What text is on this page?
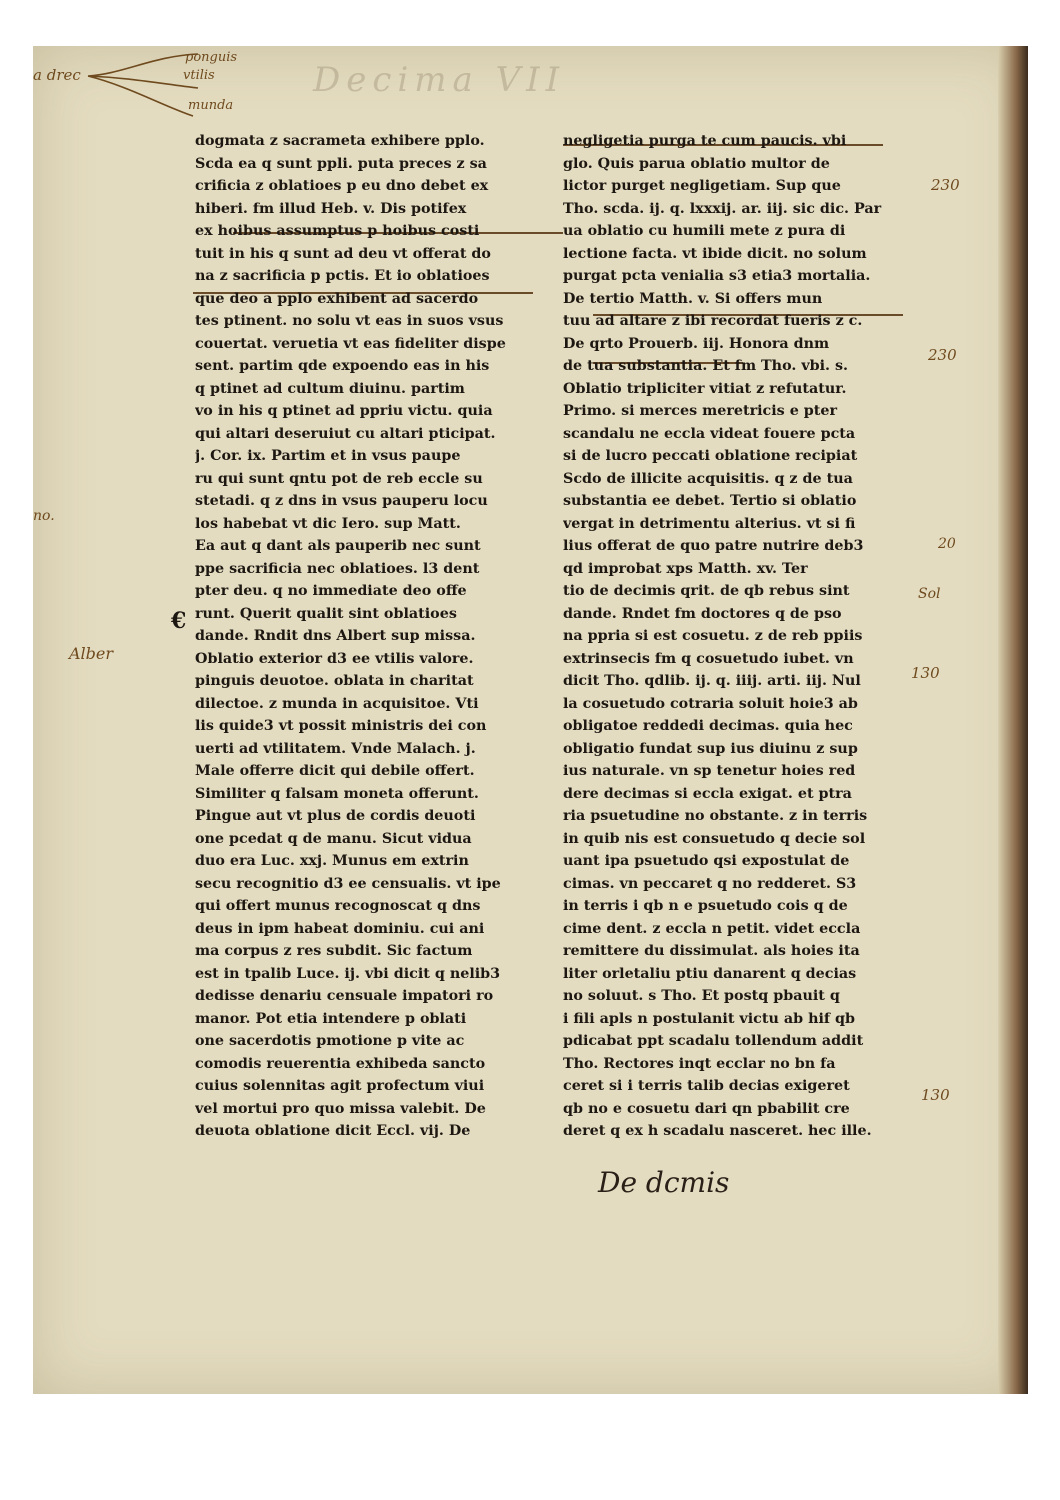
Decima VII
a drec
ponguis
vtilis
munda
no.
Alber
€
230
230
20
Sol
130
130
dogmata z sacrameta exhibere pplo.
Scda ea q sunt ppli. puta preces z sa
crificia z oblatioes p eu dno debet ex
hiberi. fm illud Heb. v. Dis potifex
ex hoibus assumptus p hoibus costi
tuit in his q sunt ad deu vt offerat do
na z sacrificia p pctis. Et io oblatioes
que deo a pplo exhibent ad sacerdo
tes ptinent. no solu vt eas in suos vsus
couertat. veruetia vt eas fideliter dispe
sent. partim qde expoendo eas in his
q ptinet ad cultum diuinu. partim
vo in his q ptinet ad ppriu victu. quia
qui altari deseruiut cu altari pticipat.
j. Cor. ix. Partim et in vsus paupe
ru qui sunt qntu pot de reb eccle su
stetadi. q z dns in vsus pauperu locu
los habebat vt dic Iero. sup Matt.
Ea aut q dant als pauperib nec sunt
ppe sacrificia nec oblatioes. l3 dent
pter deu. q no immediate deo offe
runt. Querit qualit sint oblatioes
dande. Rndit dns Albert sup missa.
Oblatio exterior d3 ee vtilis valore.
pinguis deuotoe. oblata in charitat
dilectoe. z munda in acquisitoe. Vti
lis quide3 vt possit ministris dei con
uerti ad vtilitatem. Vnde Malach. j.
Male offerre dicit qui debile offert.
Similiter q falsam moneta offerunt.
Pingue aut vt plus de cordis deuoti
one pcedat q de manu. Sicut vidua
duo era Luc. xxj. Munus em extrin
secu recognitio d3 ee censualis. vt ipe
qui offert munus recognoscat q dns
deus in ipm habeat dominiu. cui ani
ma corpus z res subdit. Sic factum
est in tpalib Luce. ij. vbi dicit q nelib3
dedisse denariu censuale impatori ro
manor. Pot etia intendere p oblati
one sacerdotis pmotione p vite ac
comodis reuerentia exhibeda sancto
cuius solennitas agit profectum viui
vel mortui pro quo missa valebit. De
deuota oblatione dicit Eccl. vij. De
negligetia purga te cum paucis. vbi
glo. Quis parua oblatio multor de
lictor purget negligetiam. Sup que
Tho. scda. ij. q. lxxxij. ar. iij. sic dic. Par
ua oblatio cu humili mete z pura di
lectione facta. vt ibide dicit. no solum
purgat pcta venialia s3 etia3 mortalia.
De tertio Matth. v. Si offers mun
tuu ad altare z ibi recordat fueris z c.
De qrto Prouerb. iij. Honora dnm
de tua substantia. Et fm Tho. vbi. s.
Oblatio tripliciter vitiat z refutatur.
Primo. si merces meretricis e pter
scandalu ne eccla videat fouere pcta
si de lucro peccati oblatione recipiat
Scdo de illicite acquisitis. q z de tua
substantia ee debet. Tertio si oblatio
vergat in detrimentu alterius. vt si fi
lius offerat de quo patre nutrire deb3
qd improbat xps Matth. xv. Ter
tio de decimis qrit. de qb rebus sint
dande. Rndet fm doctores q de pso
na ppria si est cosuetu. z de reb ppiis
extrinsecis fm q cosuetudo iubet. vn
dicit Tho. qdlib. ij. q. iiij. arti. iij. Nul
la cosuetudo cotraria soluit hoie3 ab
obligatoe reddedi decimas. quia hec
obligatio fundat sup ius diuinu z sup
ius naturale. vn sp tenetur hoies red
dere decimas si eccla exigat. et ptra
ria psuetudine no obstante. z in terris
in quib nis est consuetudo q decie sol
uant ipa psuetudo qsi expostulat de
cimas. vn peccaret q no redderet. S3
in terris i qb n e psuetudo cois q de
cime dent. z eccla n petit. videt eccla
remittere du dissimulat. als hoies ita
liter orletaliu ptiu danarent q decias
no soluut. s Tho. Et postq pbauit q
i fili apls n postulanit victu ab hif qb
pdicabat ppt scadalu tollendum addit
Tho. Rectores inqt ecclar no bn fa
ceret si i terris talib decias exigeret
qb no e cosuetu dari qn pbabilit cre
deret q ex h scadalu nasceret. hec ille.
De dcmis
